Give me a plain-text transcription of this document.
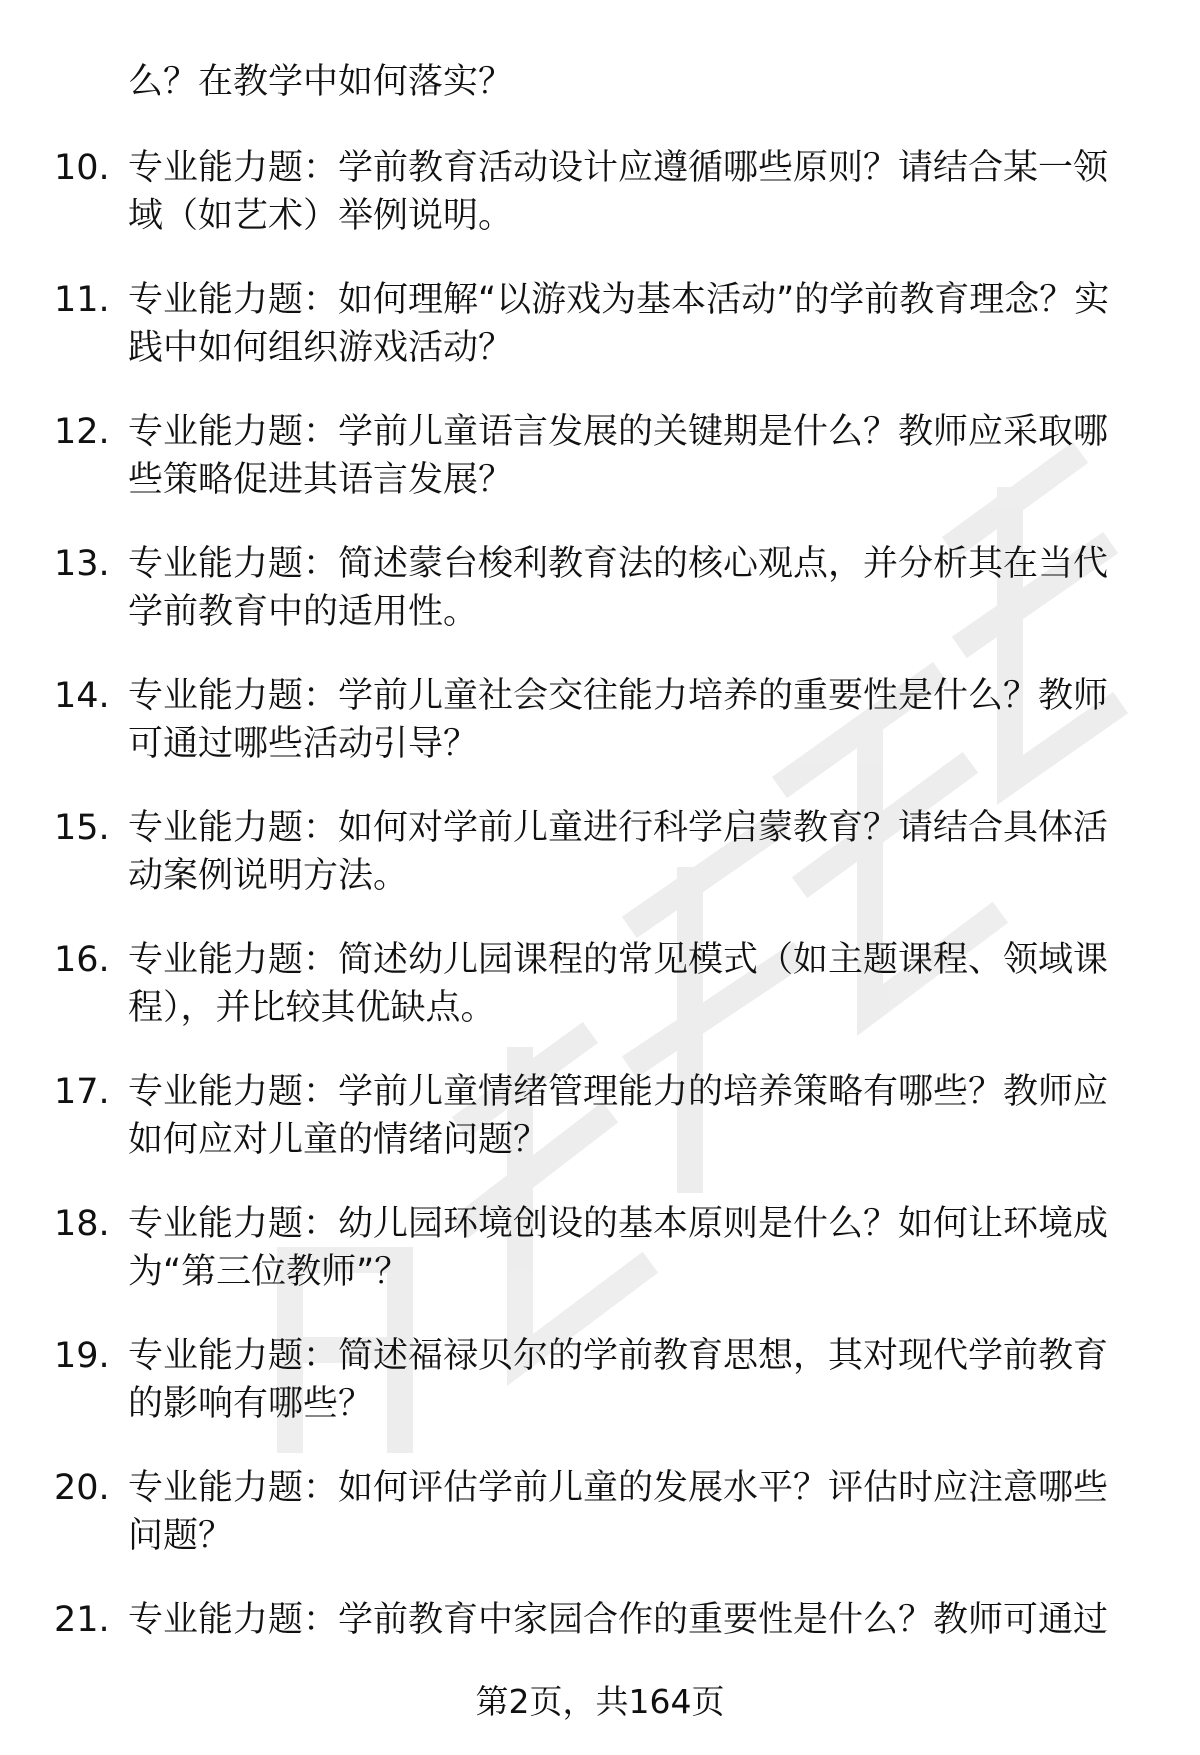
么？在教学中如何落实？
10. 专业能力题：学前教育活动设计应遵循哪些原则？请结合某一领域（如艺术）举例说明。
11. 专业能力题：如何理解“以游戏为基本活动”的学前教育理念？实践中如何组织游戏活动？
12. 专业能力题：学前儿童语言发展的关键期是什么？教师应采取哪些策略促进其语言发展？
13. 专业能力题：简述蒙台梭利教育法的核心观点，并分析其在当代学前教育中的适用性。
14. 专业能力题：学前儿童社会交往能力培养的重要性是什么？教师可通过哪些活动引导？
15. 专业能力题：如何对学前儿童进行科学启蒙教育？请结合具体活动案例说明方法。
16. 专业能力题：简述幼儿园课程的常见模式（如主题课程、领域课程），并比较其优缺点。
17. 专业能力题：学前儿童情绪管理能力的培养策略有哪些？教师应如何应对儿童的情绪问题？
18. 专业能力题：幼儿园环境创设的基本原则是什么？如何让环境成为“第三位教师”？
19. 专业能力题：简述福禄贝尔的学前教育思想，其对现代学前教育的影响有哪些？
20. 专业能力题：如何评估学前儿童的发展水平？评估时应注意哪些问题？
21. 专业能力题：学前教育中家园合作的重要性是什么？教师可通过
第2页，共164页
